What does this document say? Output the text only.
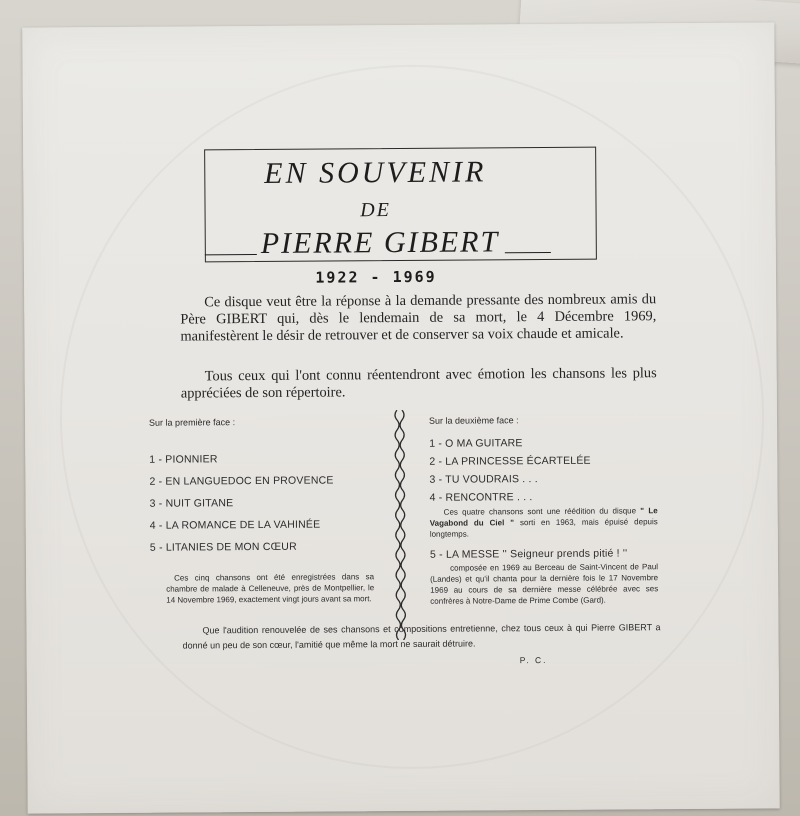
EN SOUVENIR
DE
PIERRE GIBERT
1922 - 1969

Ce disque veut être la réponse à la demande pressante des nombreux amis du Père GIBERT qui, dès le lendemain de sa mort, le 4 Décembre 1969, manifestèrent le désir de retrouver et de conserver sa voix chaude et amicale.

Tous ceux qui l'ont connu réentendront avec émotion les chansons les plus appréciées de son répertoire.

Sur la première face :
1 - PIONNIER
2 - EN LANGUEDOC EN PROVENCE
3 - NUIT GITANE
4 - LA ROMANCE DE LA VAHINÉE
5 - LITANIES DE MON CŒUR
Ces cinq chansons ont été enregistrées dans sa chambre de malade à Celleneuve, près de Montpellier, le 14 Novembre 1969, exactement vingt jours avant sa mort.
Sur la deuxième face :
1 - O MA GUITARE
2 - LA PRINCESSE ÉCARTELÉE
3 - TU VOUDRAIS . . .
4 - RENCONTRE . . .
Ces quatre chansons sont une réédition du disque " Le Vagabond du Ciel " sorti en 1963, mais épuisé depuis longtemps.
5 - LA MESSE '' Seigneur prends pitié ! ''
composée en 1969 au Berceau de Saint-Vincent de Paul (Landes) et qu'il chanta pour la dernière fois le 17 Novembre 1969 au cours de sa dernière messe célébrée avec ses confrères à Notre-Dame de Prime Combe (Gard).

Que l'audition renouvelée de ses chansons et compositions entretienne, chez tous ceux à qui Pierre GIBERT a donné un peu de son cœur, l'amitié que même la mort ne saurait détruire.

P. C.
